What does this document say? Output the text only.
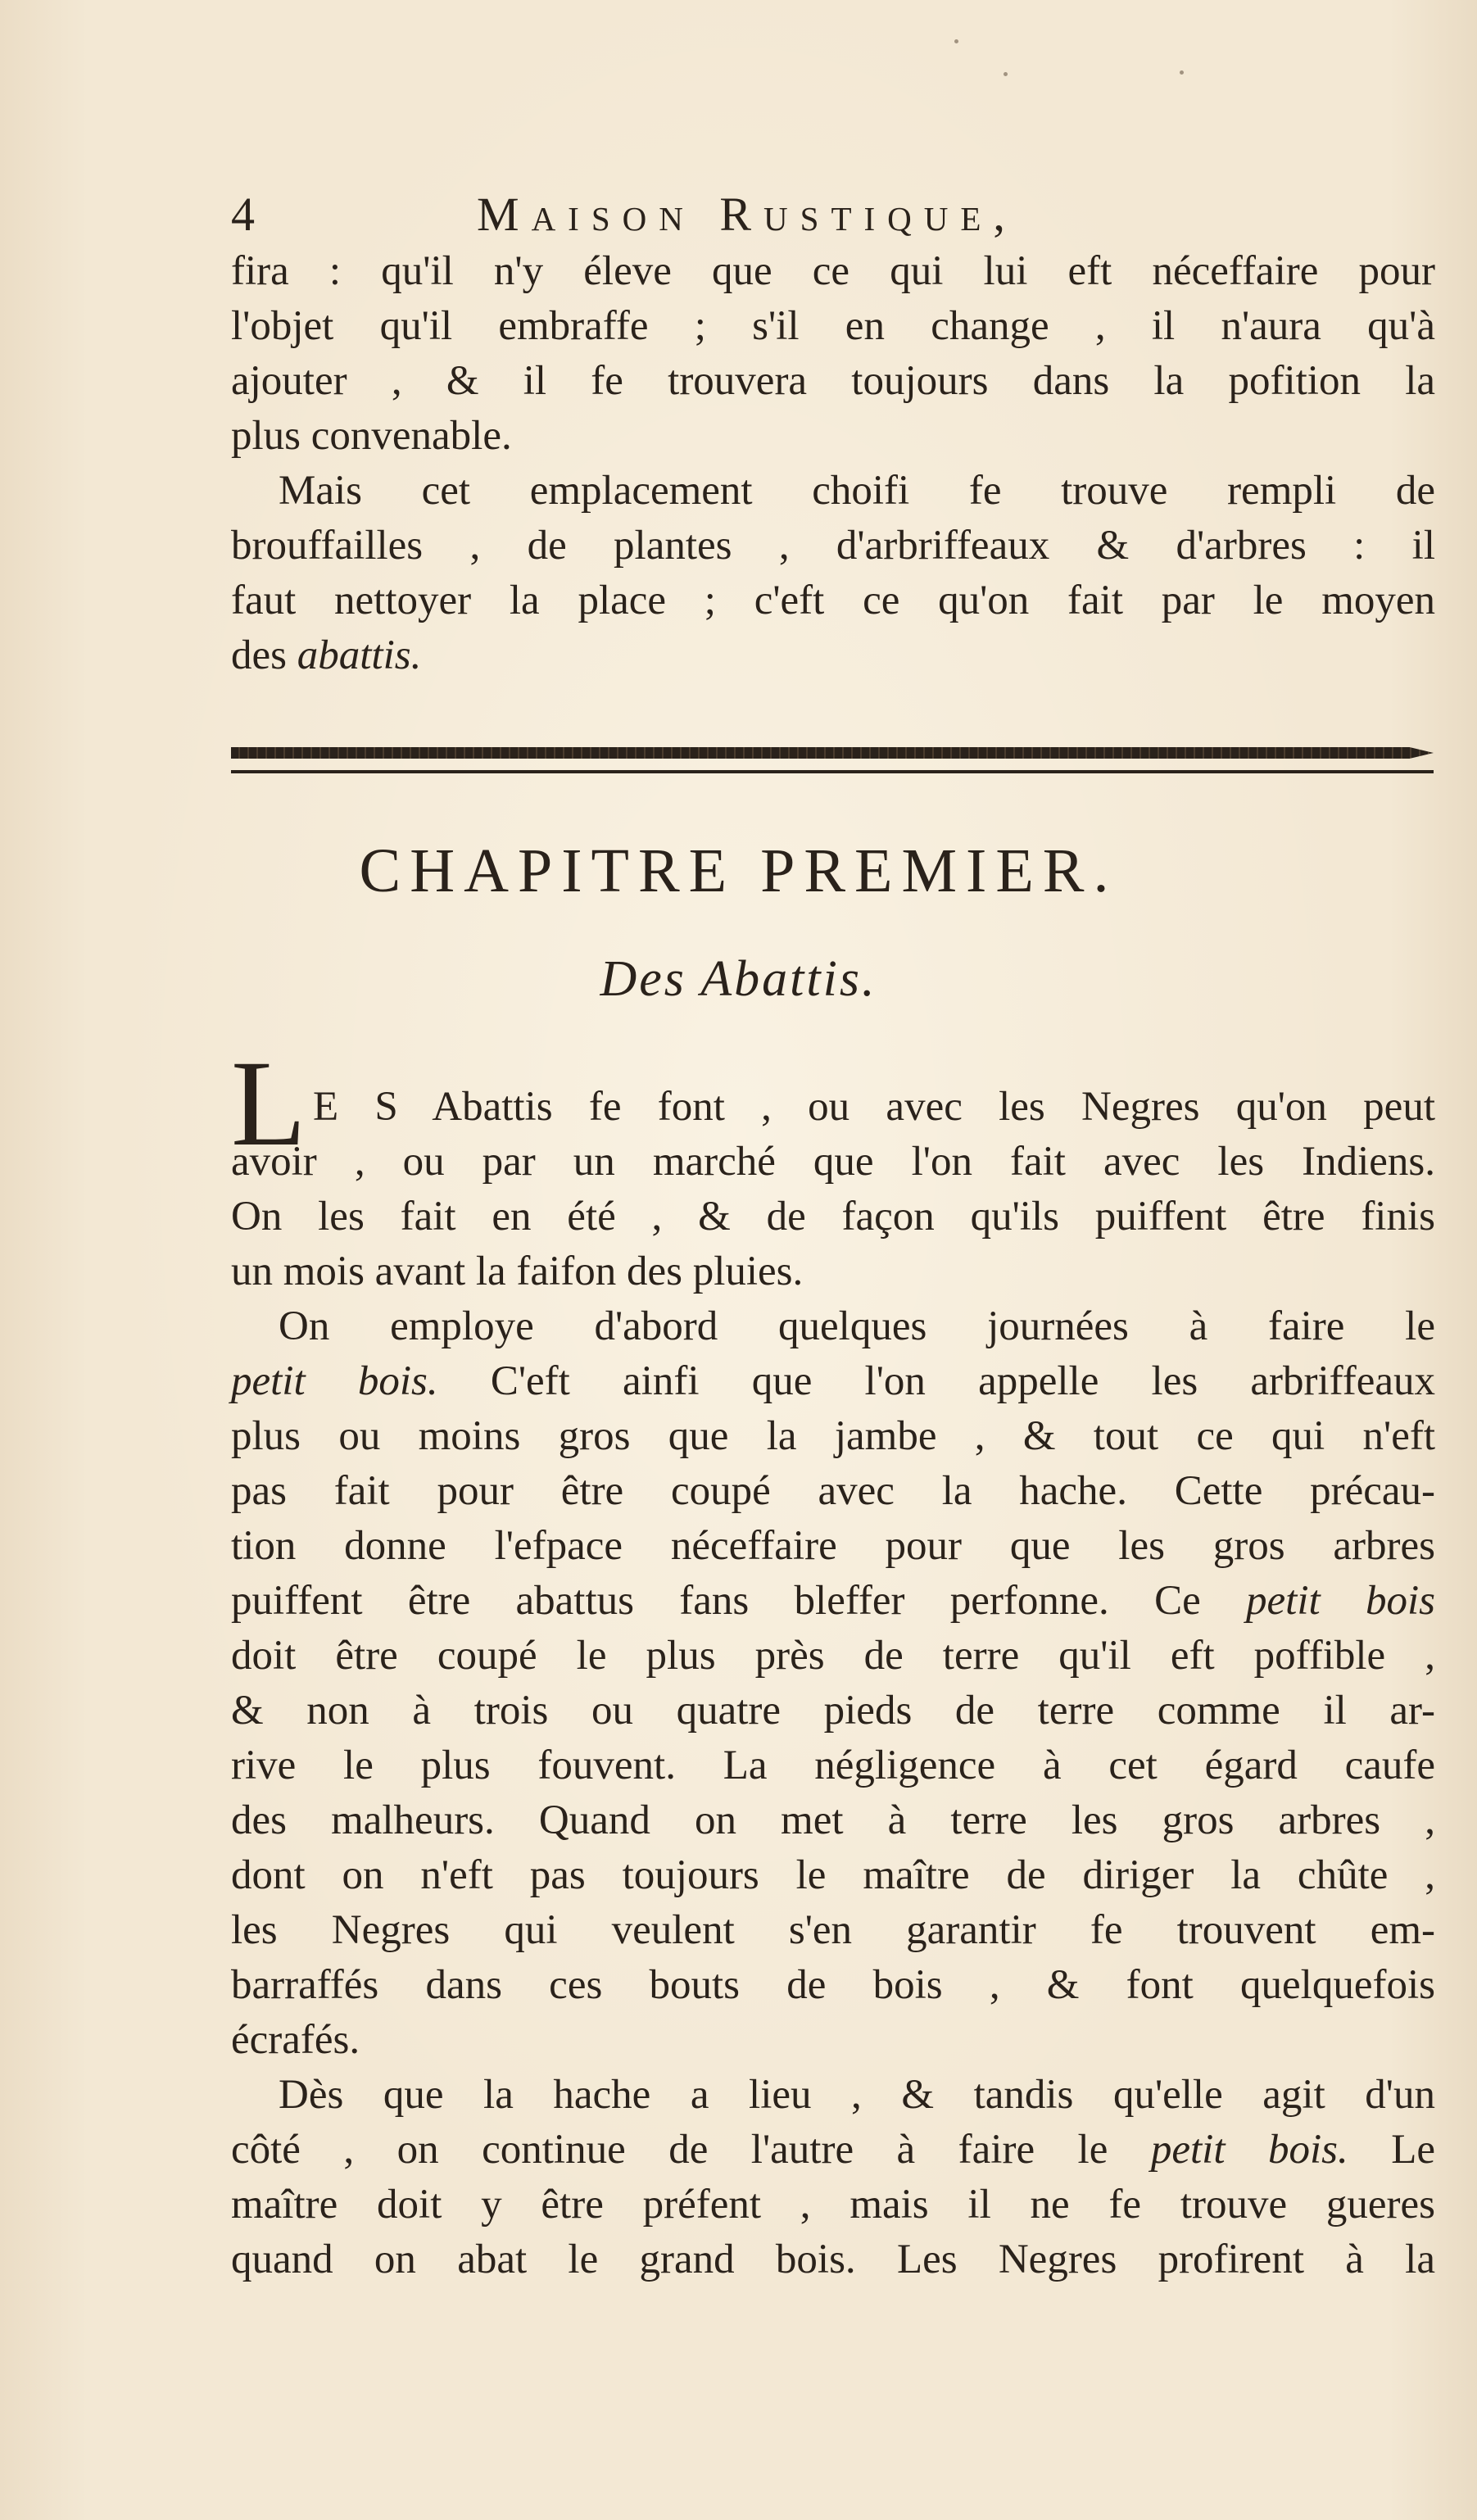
4	Maison Rustique,
fira : qu'il n'y éleve que ce qui lui eft néceffaire pour
l'objet qu'il embraffe ; s'il en change , il n'aura qu'à
ajouter , & il fe trouvera toujours dans la pofition la
plus convenable.
Mais cet emplacement choifi fe trouve rempli de
brouffailles , de plantes , d'arbriffeaux & d'arbres : il
faut nettoyer la place ; c'eft ce qu'on fait par le moyen
des abattis.
CHAPITRE PREMIER.
Des Abattis.
L E S Abattis fe font , ou avec les Negres qu'on peut
avoir , ou par un marché que l'on fait avec les Indiens.
On les fait en été , & de façon qu'ils puiffent être finis
un mois avant la faifon des pluies.
On employe d'abord quelques journées à faire le
petit bois. C'eft ainfi que l'on appelle les arbriffeaux
plus ou moins gros que la jambe , & tout ce qui n'eft
pas fait pour être coupé avec la hache. Cette précau-
tion donne l'efpace néceffaire pour que les gros arbres
puiffent être abattus fans bleffer perfonne. Ce petit bois
doit être coupé le plus près de terre qu'il eft poffible ,
& non à trois ou quatre pieds de terre comme il ar-
rive le plus fouvent. La négligence à cet égard caufe
des malheurs. Quand on met à terre les gros arbres ,
dont on n'eft pas toujours le maître de diriger la chûte ,
les Negres qui veulent s'en garantir fe trouvent em-
barraffés dans ces bouts de bois , & font quelquefois
écrafés.
Dès que la hache a lieu , & tandis qu'elle agit d'un
côté , on continue de l'autre à faire le petit bois. Le
maître doit y être préfent , mais il ne fe trouve gueres
quand on abat le grand bois. Les Negres profirent à la
